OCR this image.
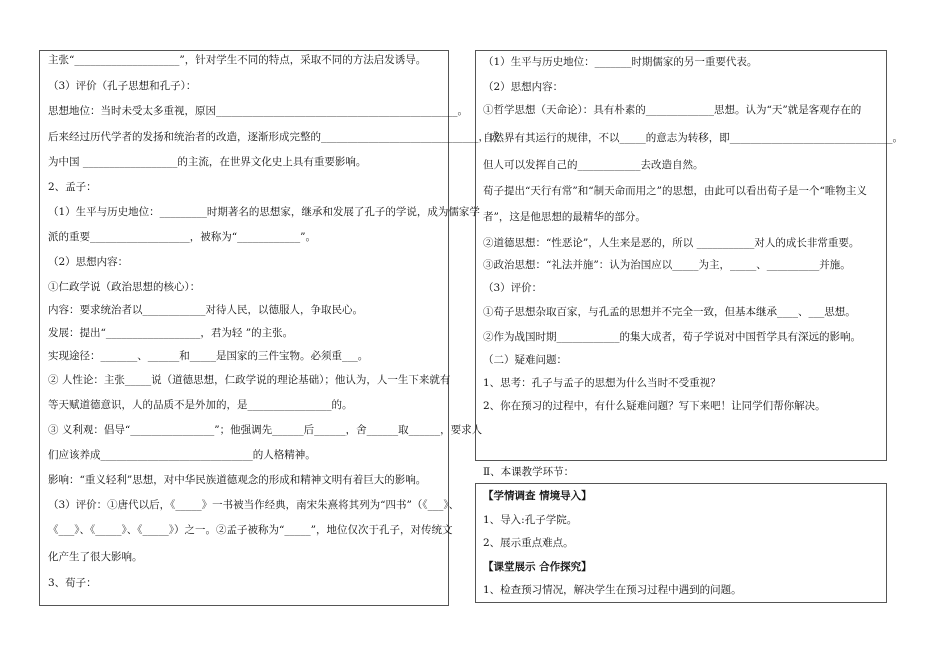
主张“____________________”，针对学生不同的特点，采取不同的方法启发诱导。
（3）评价（孔子思想和孔子）：
思想地位：当时未受太多重视，原因______________________________________________。
后来经过历代学者的发扬和统治者的改造，逐渐形成完整的______________________________，成
为中国 __________________的主流，在世界文化史上具有重要影响。
2、孟子：
（1）生平与历史地位：_________时期著名的思想家，继承和发展了孔子的学说，成为儒家学
派的重要___________________，被称为“____________”。
（2）思想内容：
①仁政学说（政治思想的核心）：
内容：要求统治者以____________对待人民，以德服人，争取民心。
发展：提出“__________________，君为轻 ”的主张。
实现途径：_______、______和_____是国家的三件宝物。必须重___。
② 人性论：主张_____说（道德思想，仁政学说的理论基础）；他认为，人一生下来就有
等天赋道德意识，人的品质不是外加的，是________________的。
③ 义利观：倡导“________________”；他强调先______后______，舍______取______，要求人
们应该养成_____________________________的人格精神。
影响：“重义轻利”思想，对中华民族道德观念的形成和精神文明有着巨大的影响。
（3）评价：①唐代以后，《_____》一书被当作经典，南宋朱熹将其列为“四书”（《___》、
《___》、《_____》、《_____》）之一。②孟子被称为“_____”，地位仅次于孔子，对传统文
化产生了很大影响。
3、荀子：
（1）生平与历史地位：_______时期儒家的另一重要代表。
（2）思想内容：
①哲学思想（天命论）：具有朴素的_____________思想。认为“天”就是客观存在的
自然界有其运行的规律，不以_____的意志为转移，即_______________________________。
但人可以发挥自己的____________去改造自然。
荀子提出“天行有常”和“制天命而用之”的思想，由此可以看出荀子是一个“唯物主义
者”，这是他思想的最精华的部分。
②道德思想：“性恶论”，人生来是恶的，所以 ___________对人的成长非常重要。
③政治思想：“礼法并施”：认为治国应以_____为主，_____、__________并施。
（3）评价：
①荀子思想杂取百家，与孔孟的思想并不完全一致，但基本继承____、___思想。
②作为战国时期____________的集大成者，荀子学说对中国哲学具有深远的影响。
（二）疑难问题：
1、思考：孔子与孟子的思想为什么当时不受重视？
2、你在预习的过程中，有什么疑难问题？写下来吧！让同学们帮你解决。
Ⅱ、本课教学环节：
【学情调查 情境导入】
1、导入:孔子学院。
2、展示重点难点。
【课堂展示 合作探究】
1、检查预习情况，解决学生在预习过程中遇到的问题。
